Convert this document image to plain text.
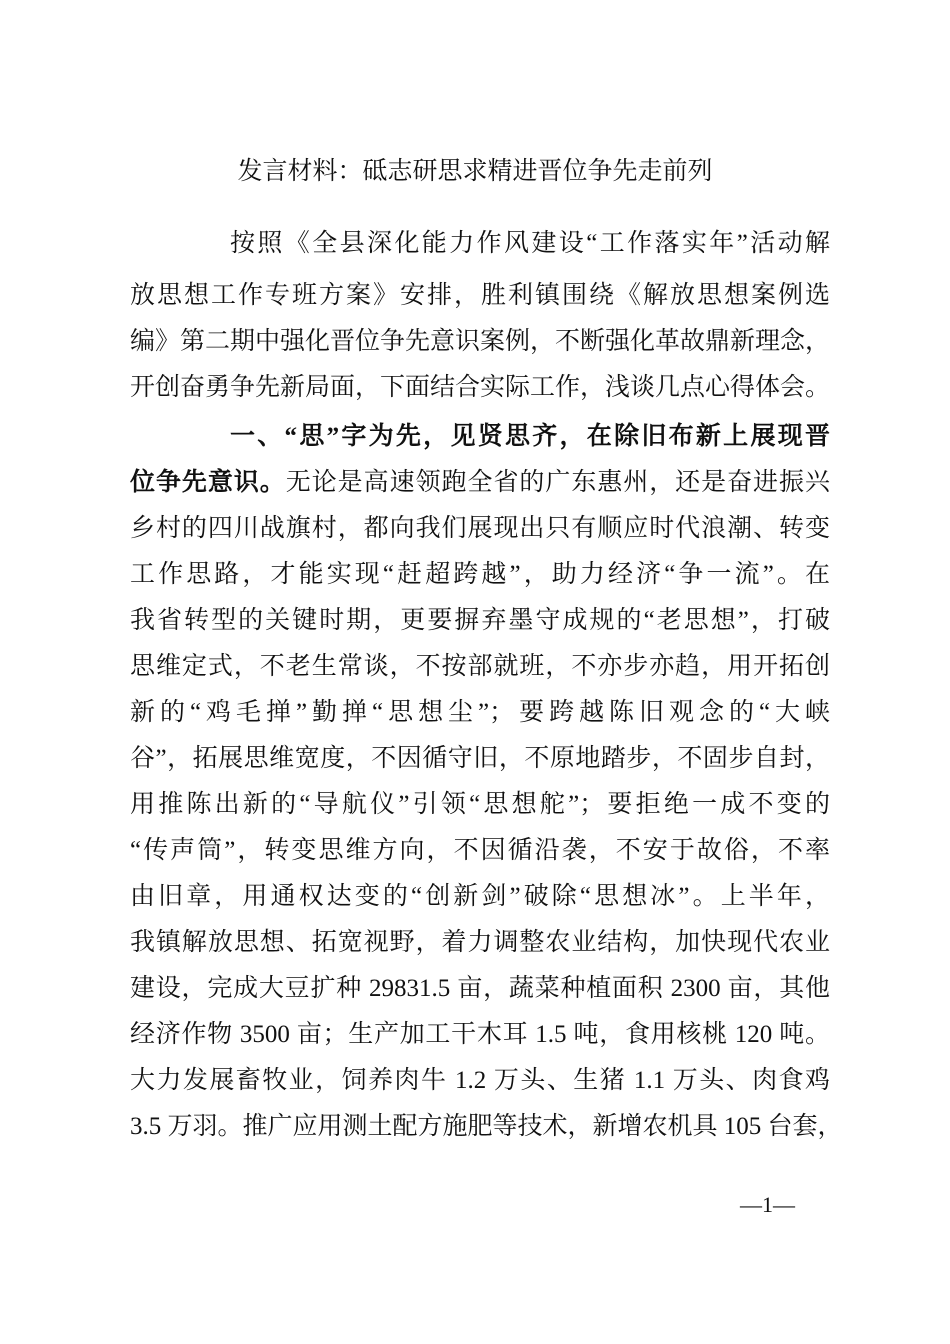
发言材料：砥志研思求精进晋位争先走前列
按照《全县深化能力作风建设“工作落实年”活动解
放思想工作专班方案》安排，胜利镇围绕《解放思想案例选
编》第二期中强化晋位争先意识案例，不断强化革故鼎新理念，
开创奋勇争先新局面，下面结合实际工作，浅谈几点心得体会。
一、“思”字为先，见贤思齐，在除旧布新上展现晋
位争先意识。无论是高速领跑全省的广东惠州，还是奋进振兴
乡村的四川战旗村，都向我们展现出只有顺应时代浪潮、转变
工作思路，才能实现“赶超跨越”，助力经济“争一流”。在
我省转型的关键时期，更要摒弃墨守成规的“老思想”，打破
思维定式，不老生常谈，不按部就班，不亦步亦趋，用开拓创
新的“鸡毛掸”勤掸“思想尘”；要跨越陈旧观念的“大峡
谷”，拓展思维宽度，不因循守旧，不原地踏步，不固步自封，
用推陈出新的“导航仪”引领“思想舵”；要拒绝一成不变的
“传声筒”，转变思维方向，不因循沿袭，不安于故俗，不率
由旧章，用通权达变的“创新剑”破除“思想冰”。上半年，
我镇解放思想、拓宽视野，着力调整农业结构，加快现代农业
建设，完成大豆扩种 29831.5 亩，蔬菜种植面积 2300 亩，其他
经济作物 3500 亩；生产加工干木耳 1.5 吨，食用核桃 120 吨。
大力发展畜牧业，饲养肉牛 1.2 万头、生猪 1.1 万头、肉食鸡
3.5 万羽。推广应用测土配方施肥等技术，新增农机具 105 台套，
—1—
